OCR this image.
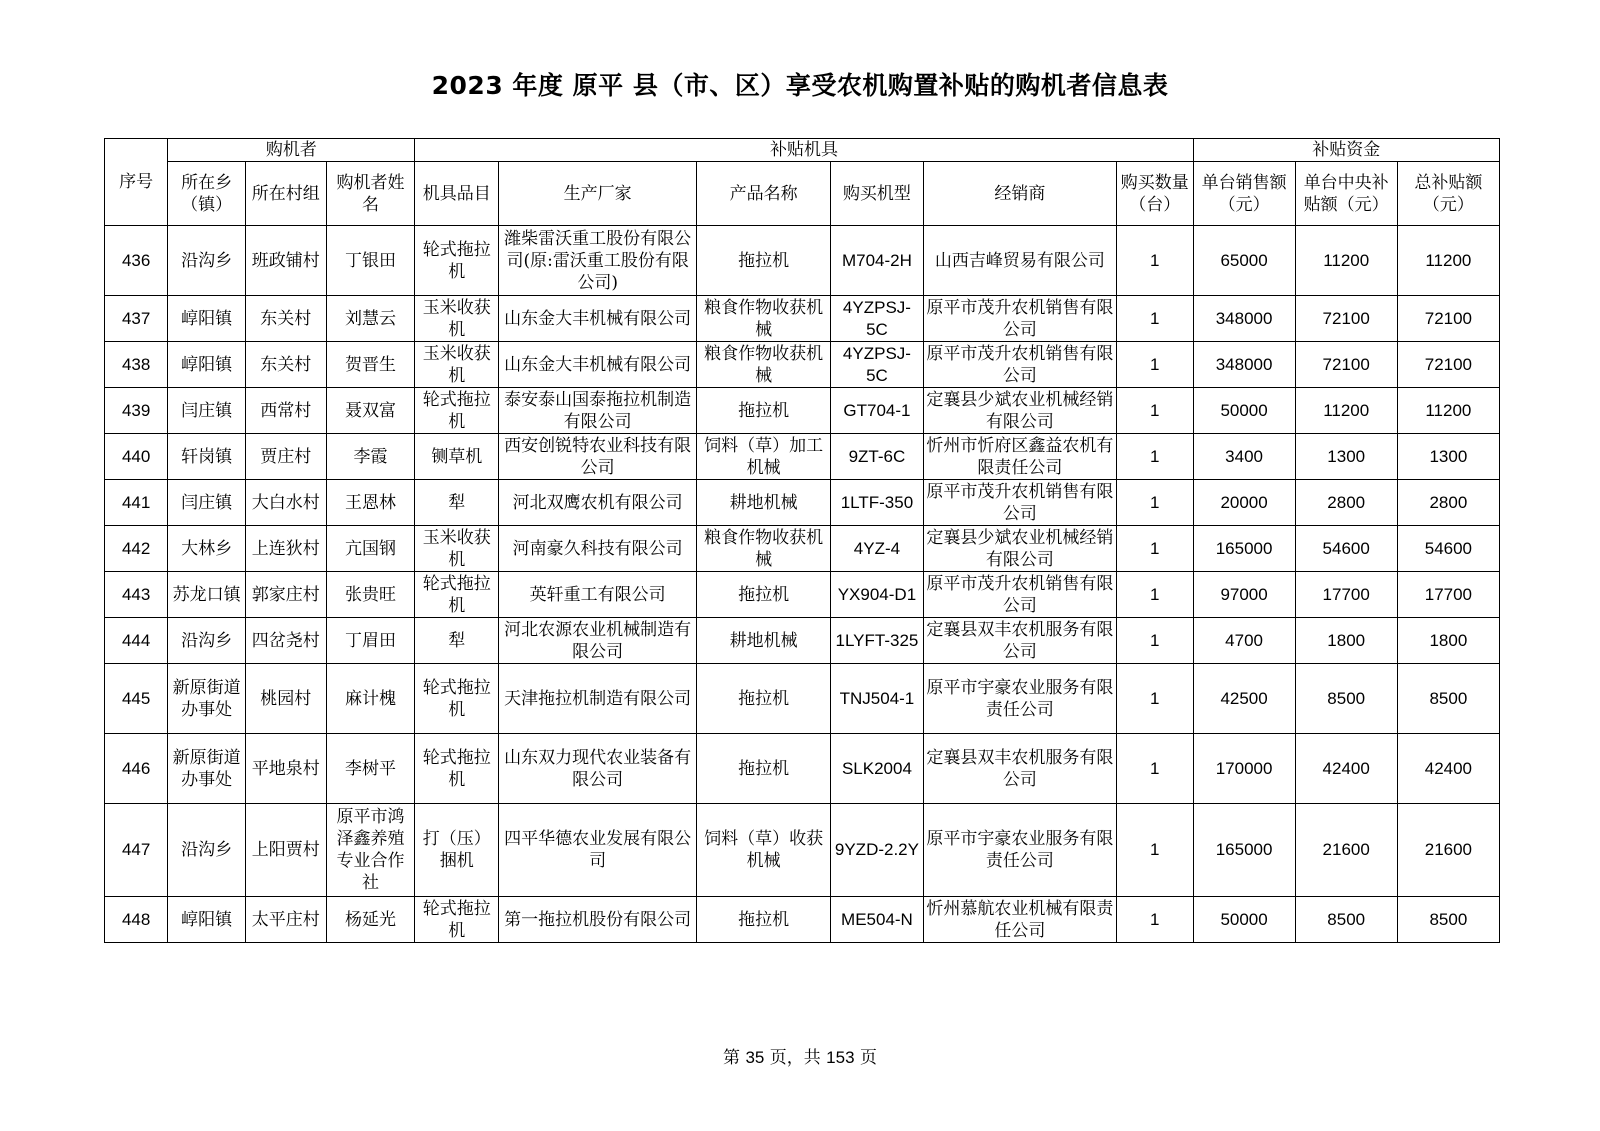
2023 年度 原平 县（市、区）享受农机购置补贴的购机者信息表
序号	购机者			补贴机具						补贴资金		
	所在乡（镇）	所在村组	购机者姓名	机具品目	生产厂家	产品名称	购买机型	经销商	购买数量（台）	单台销售额（元）	单台中央补贴额（元）	总补贴额（元）
436	沿沟乡	班政铺村	丁银田	轮式拖拉机	潍柴雷沃重工股份有限公司(原:雷沃重工股份有限公司)	拖拉机	M704-2H	山西吉峰贸易有限公司	1	65000	11200	11200
437	崞阳镇	东关村	刘慧云	玉米收获机	山东金大丰机械有限公司	粮食作物收获机械	4YZPSJ-5C	原平市茂升农机销售有限公司	1	348000	72100	72100
438	崞阳镇	东关村	贺晋生	玉米收获机	山东金大丰机械有限公司	粮食作物收获机械	4YZPSJ-5C	原平市茂升农机销售有限公司	1	348000	72100	72100
439	闫庄镇	西常村	聂双富	轮式拖拉机	泰安泰山国泰拖拉机制造有限公司	拖拉机	GT704-1	定襄县少斌农业机械经销有限公司	1	50000	11200	11200
440	轩岗镇	贾庄村	李霞	铡草机	西安创锐特农业科技有限公司	饲料（草）加工机械	9ZT-6C	忻州市忻府区鑫益农机有限责任公司	1	3400	1300	1300
441	闫庄镇	大白水村	王恩林	犁	河北双鹰农机有限公司	耕地机械	1LTF-350	原平市茂升农机销售有限公司	1	20000	2800	2800
442	大林乡	上连狄村	亢国钢	玉米收获机	河南豪久科技有限公司	粮食作物收获机械	4YZ-4	定襄县少斌农业机械经销有限公司	1	165000	54600	54600
443	苏龙口镇	郭家庄村	张贵旺	轮式拖拉机	英轩重工有限公司	拖拉机	YX904-D1	原平市茂升农机销售有限公司	1	97000	17700	17700
444	沿沟乡	四岔尧村	丁眉田	犁	河北农源农业机械制造有限公司	耕地机械	1LYFT-325	定襄县双丰农机服务有限公司	1	4700	1800	1800
445	新原街道办事处	桃园村	麻计槐	轮式拖拉机	天津拖拉机制造有限公司	拖拉机	TNJ504-1	原平市宇豪农业服务有限责任公司	1	42500	8500	8500
446	新原街道办事处	平地泉村	李树平	轮式拖拉机	山东双力现代农业装备有限公司	拖拉机	SLK2004	定襄县双丰农机服务有限公司	1	170000	42400	42400
447	沿沟乡	上阳贾村	原平市鸿泽鑫养殖专业合作社	打（压）捆机	四平华德农业发展有限公司	饲料（草）收获机械	9YZD-2.2Y	原平市宇豪农业服务有限责任公司	1	165000	21600	21600
448	崞阳镇	太平庄村	杨延光	轮式拖拉机	第一拖拉机股份有限公司	拖拉机	ME504-N	忻州慕航农业机械有限责任公司	1	50000	8500	8500
第 35 页，共 153 页
